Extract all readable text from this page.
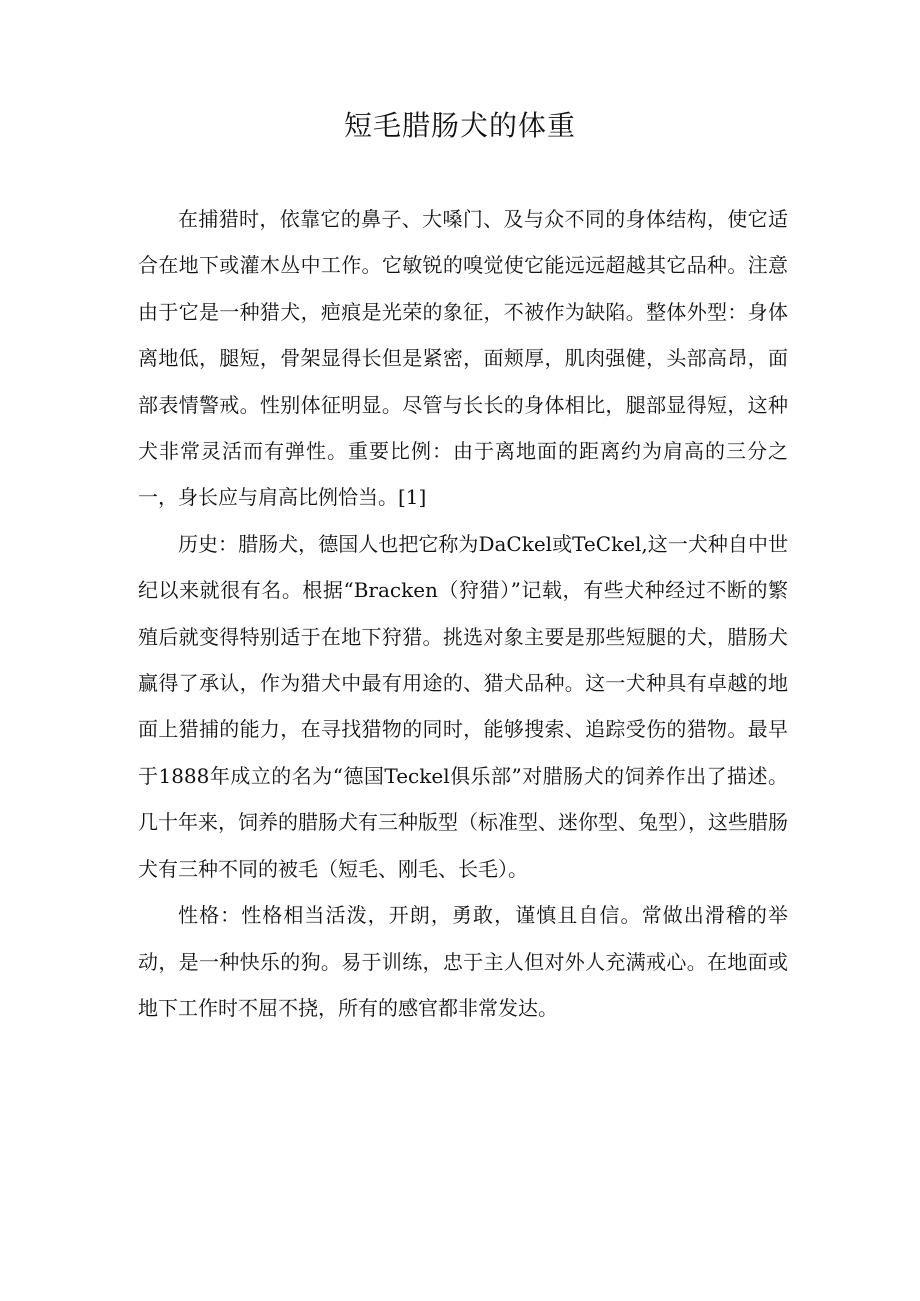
短毛腊肠犬的体重

在捕猎时，依靠它的鼻子、大嗓门、及与众不同的身体结构，使它适合在地下或灌木丛中工作。它敏锐的嗅觉使它能远远超越其它品种。注意由于它是一种猎犬，疤痕是光荣的象征，不被作为缺陷。整体外型：身体离地低，腿短，骨架显得长但是紧密，面颊厚，肌肉强健，头部高昂，面部表情警戒。性别体征明显。尽管与长长的身体相比，腿部显得短，这种犬非常灵活而有弹性。重要比例：由于离地面的距离约为肩高的三分之一，身长应与肩高比例恰当。[1]

历史：腊肠犬，德国人也把它称为DaCkel或TeCkel,这一犬种自中世纪以来就很有名。根据“Bracken（狩猎）”记载，有些犬种经过不断的繁殖后就变得特别适于在地下狩猎。挑选对象主要是那些短腿的犬，腊肠犬赢得了承认，作为猎犬中最有用途的、猎犬品种。这一犬种具有卓越的地面上猎捕的能力，在寻找猎物的同时，能够搜索、追踪受伤的猎物。最早于1888年成立的名为“德国Teckel俱乐部”对腊肠犬的饲养作出了描述。几十年来，饲养的腊肠犬有三种版型（标准型、迷你型、兔型），这些腊肠犬有三种不同的被毛（短毛、刚毛、长毛）。

性格：性格相当活泼，开朗，勇敢，谨慎且自信。常做出滑稽的举动，是一种快乐的狗。易于训练，忠于主人但对外人充满戒心。在地面或地下工作时不屈不挠，所有的感官都非常发达。
